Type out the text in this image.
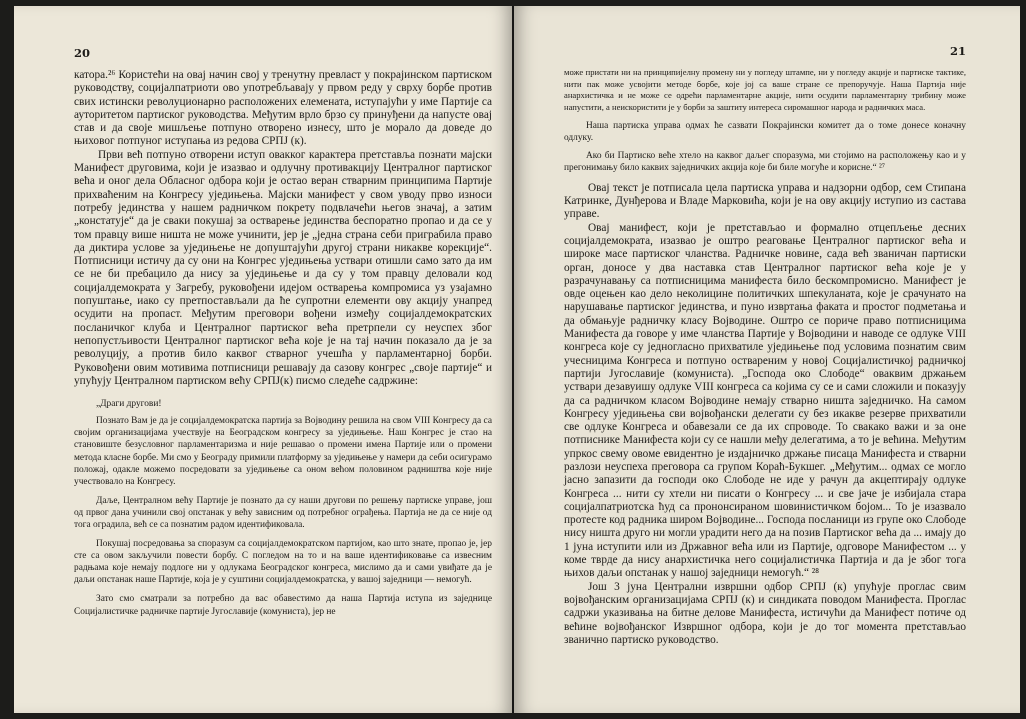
20

катора.²⁶ Користећи на овај начин свој у тренутну превласт у покрајинском партиском руководству, социјалпатриоти ово употребљавају у првом реду у сврху борбе против свих истински револуционарно расположених елемената, иступајући у име Партије са ауторитетом партиског руководства. Међутим врло брзо су принуђени да напусте овај став и да своје мишљење потпуно отворено изнесу, што је морало да доведе до њиховог потпуног иступања из редова СРПЈ (к).

Први већ потпуно отворени иступ овакког карактера претстављa познати мајски Манифест друговима, који је изазвао и одлучну противакцију Централног партиског већа и оног дела Обласног одбора који је остао веран стварним принципима Партије прихваћеним на Конгресу уједињења. Мајски манифест у свом уводу прво износи потребу јединства у нашем радничком покрету подвлачећи његов значај, а затим „констатује“ да је сваки покушај за остварење јединства беспоратно пропао и да се у том правцу више ништа не може учинити, јер је „једна страна себи пригрaбила право да диктира услове за уједињење не допуштајући другој страни никакве корекције“. Потписници истичу да су они на Конгрес уједињења уствари отишли само зато да им се не би пребацило да нису за уједињење и да су у том правцу деловали код социјалдемократа у Загребу, руковођени идејом остварења компромиса уз узајамно попуштање, иако су претпостављали да ће супротни елементи ову акцију унапред осудити на пропаст. Међутим преговори вођени између социјалдемократских посланичког клуба и Централног партиског већа претрпели су неуспех због непопустљивости Централног партиског већа које је на тај начин показало да је за револуцију, а против било каквог стварног учешћа у парламентарној борби. Руковођени овим мотивима потписници решавају да сазову конгрес „своје партије“ и упућују Централном партиском већу СРПЈ(к) писмо следеће садржине:

„Драги другови!

Познато Вам је да је социјалдемократска партија за Војводину решила на свом VIII Конгресу да са својим организацијама учествује на Београдском конгресу за уједињење. Наш Конгрес је стао на становиште безусловног парламентаризма и није решавао о промени имена Партије или о промени метода класне борбе. Ми смо у Београду примили платформу за уједињење у намери да себи осигурамо положај, одакле можемо посредовати за уједињење са оном већом половином радништва које није учествовало на Конгресу.

Даље, Централном већу Партије је познато да су наши другови по решењу партиске управе, још од првог дана учинили свој опстанак у већу зависним од потребног ограђења. Партија не да се није од тога оградила, већ се са познатим радом идентификовала.

Покушај посредовања за споразум са социјалдемократском партијом, као што знате, пропао је, јер сте са овом закључили повести борбу. С погледом на то и на ваше идентификовање са извесним радњама које немају подлоге ни у одлукама Београдског конгреса, мислимо да и сами увиђате да је даљи опстанак наше Партије, која је у суштини социјалдемократска, у вашој заједници — немогућ.

Зато смо сматрали за потребно да вас обавестимо да наша Партија иступа из заједнице Социјалистичке радничке партије Југославије (комуниста), јер не

21

може пристати ни на принципијелну промену ни у погледу штампе, ни у погледу акције и партиске тактике, нити пак може усвојити методе борбе, које јој са ваше стране се препоручује. Наша Партија није анархистичка и не може се одрећи парламентарне акције, нити осудити парламентарну трибину може напустити, а неискористити је у борби за заштиту интереса сиромашног народа и радничких маса.

Наша партиска управа одмах ће сазвати Покрајински комитет да о томе донесе коначну одлуку.

Ако би Партиско веће хтело на каквог даљег споразума, ми стојимо на расположењу као и у прегонимању било каквих заједничких акција које би биле могуће и корисне.“ ²⁷

Овај текст је потписала цела партиска управа и надзорни одбор, сем Стипана Катринке, Дунђерова и Владе Марковића, који је на ову акцију иступио из састава управе.

Овај манифест, који је претстављао и формално отцепљење десних социјалдемократа, изазвао је оштро реаговање Централног партиског већа и широке масе партиског чланства. Радничке новине, сада већ званичан партиски орган, доносе у два наставка став Централног партиског већа које је у разрачунавању са потписницима манифеста било бескомпромисно. Манифест је овде оцењен као дело неколицине политичких шпекуланата, које је срачунато на нарушавање партиског јединства, и пуно извртања факата и простог подметања и да обмањује радничку класу Војводине. Оштро се пориче право потписницима Манифеста да говоре у име чланства Партије у Војводини и наводе се одлуке VIII конгреса које су једногласно прихватиле уједињење под условима познатим свим учесницима Конгреса и потпуно оствареним у новој Социјалистичкој радничкој партији Југославије (комуниста). „Господа око Слободе“ оваквим држањем уствари дезавуишу одлуке VIII конгреса са којима су се и сами сложили и показују да са радничком класом Војводине немају стварно ништа заједничко. На самом Конгресу уједињења сви војвођански делегати су без икакве резерве прихватили све одлуке Конгреса и обавезали се да их спроводе. То свакако важи и за оне потписнике Манифеста који су се нашли међу делегатима, а то је већина. Међутим упркос свему овоме евидентно је издајничко држање писаца Манифеста и стварни разлози неуспеха преговора са групом Кораћ-Букшег. „Међутим... одмах се могло јасно запазити да господи око Слободе не иде у рачун да акцептирају одлуке Конгреса ... нити су хтели ни писати о Конгресу ... и све јаче је избијала стара социјалпатриотска ћуд са пронoнсираном шовинистичком бојом... То је изазвало протесте код радника широм Војводине... Господа посланици из групе око Слободе нису ништа друго ни могли урадити него да на позив Партиског већа да ... имају до 1 јуна иступити или из Државног већа или из Партије, одговоре Манифестом ... у коме тврде да нису анархистичка него социјалистичка Партија и да је због тога њихов даљи опстанак у нашој заједници немогућ.“ ²⁸

Још 3 јуна Централни извршни одбор СРПЈ (к) упућује проглас свим војвођанским организацијама СРПЈ (к) и синдиката поводом Манифеста. Проглас садржи указивања на битне делове Манифеста, истичући да Манифест потиче од већине војвођанског Извршног одбора, који је до тог момента претстављао званично партиско руководство.
